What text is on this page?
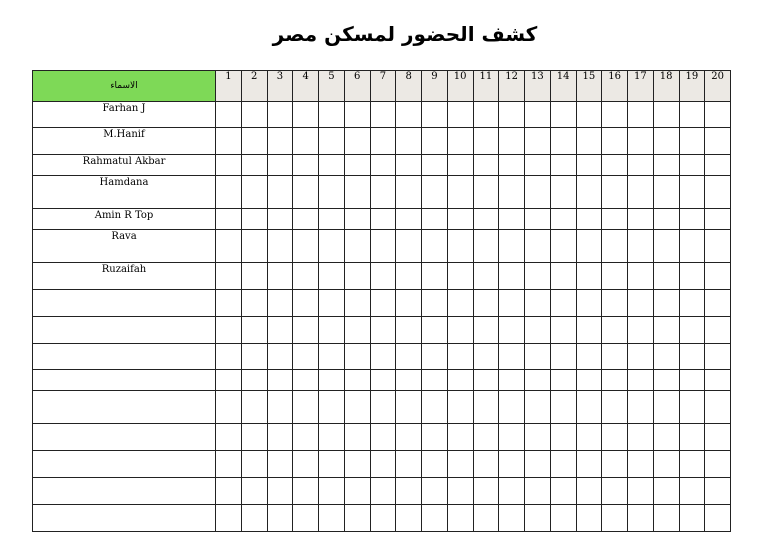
كشف الحضور لمسكن مصر
الاسماء	1	2	3	4	5	6	7	8	9	10	11	12	13	14	15	16	17	18	19	20
Farhan J																				
M.Hanif																				
Rahmatul Akbar																				
Hamdana																				
Amin R Top																				
Rava																				
Ruzaifah																				
